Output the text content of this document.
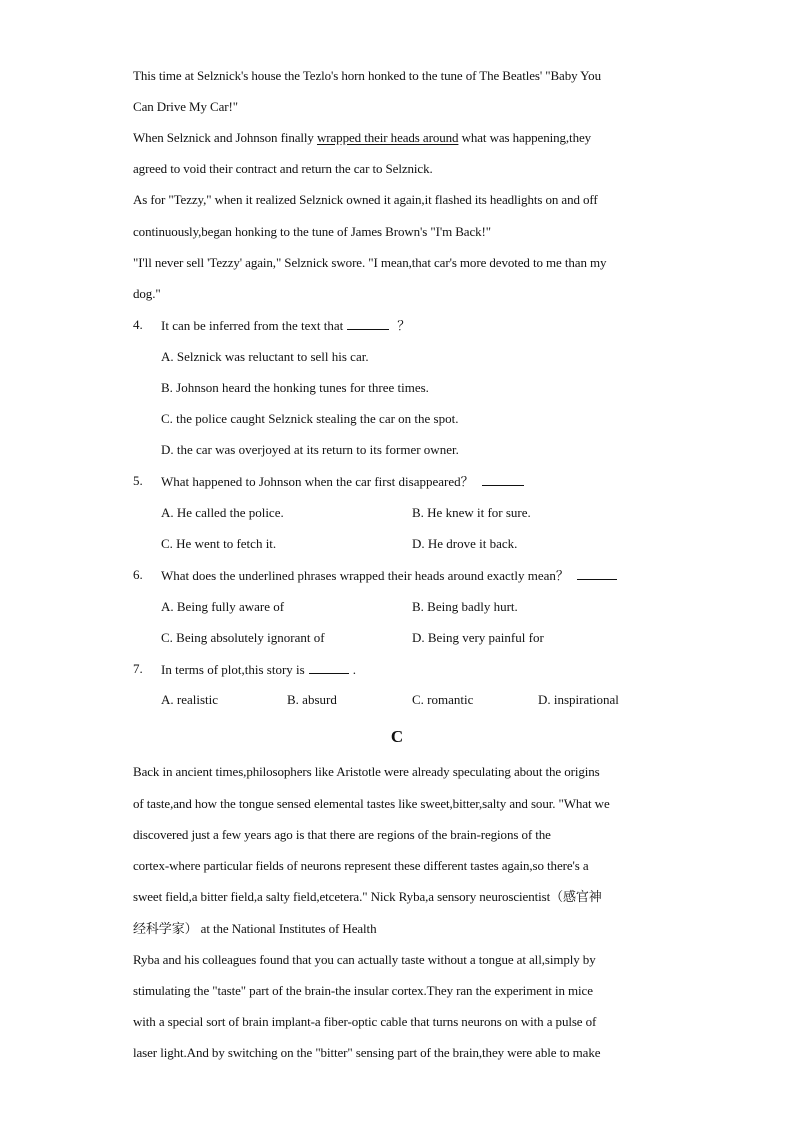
This time at Selznick's house the Tezlo's horn honked to the tune of The Beatles' "Baby You
Can Drive My Car!"
When Selznick and Johnson finally wrapped their heads around what was happening,they
agreed to void their contract and return the car to Selznick.
As for "Tezzy," when it realized Selznick owned it again,it flashed its headlights on and off
continuously,began honking to the tune of James Brown's "I'm Back!"
"I'll never sell 'Tezzy' again," Selznick swore. "I mean,that car's more devoted to me than my
dog."
4. It can be inferred from the text that	？
A. Selznick was reluctant to sell his car.
B. Johnson heard the honking tunes for three times.
C. the police caught Selznick stealing the car on the spot.
D. the car was overjoyed at its return to its former owner.
5. What happened to Johnson when the car first disappeared？
A. He called the police.	B. He knew it for sure.
C. He went to fetch it.	D. He drove it back.
6. What does the underlined phrases wrapped their heads around exactly mean？
A. Being fully aware of	B. Being badly hurt.
C. Being absolutely ignorant of	D. Being very painful for
7. In terms of plot,this story is	.
A. realistic	B. absurd	C. romantic	D. inspirational
C
Back in ancient times,philosophers like Aristotle were already speculating about the origins
of taste,and how the tongue sensed elemental tastes like sweet,bitter,salty and sour. "What we
discovered just a few years ago is that there are regions of the brain-regions of the
cortex-where particular fields of neurons represent these different tastes again,so there's a
sweet field,a bitter field,a salty field,etcetera." Nick Ryba,a sensory neuroscientist（感官神
经科学家） at the National Institutes of Health
Ryba and his colleagues found that you can actually taste without a tongue at all,simply by
stimulating the "taste" part of the brain-the insular cortex.They ran the experiment in mice
with a special sort of brain implant-a fiber-optic cable that turns neurons on with a pulse of
laser light.And by switching on the "bitter" sensing part of the brain,they were able to make
